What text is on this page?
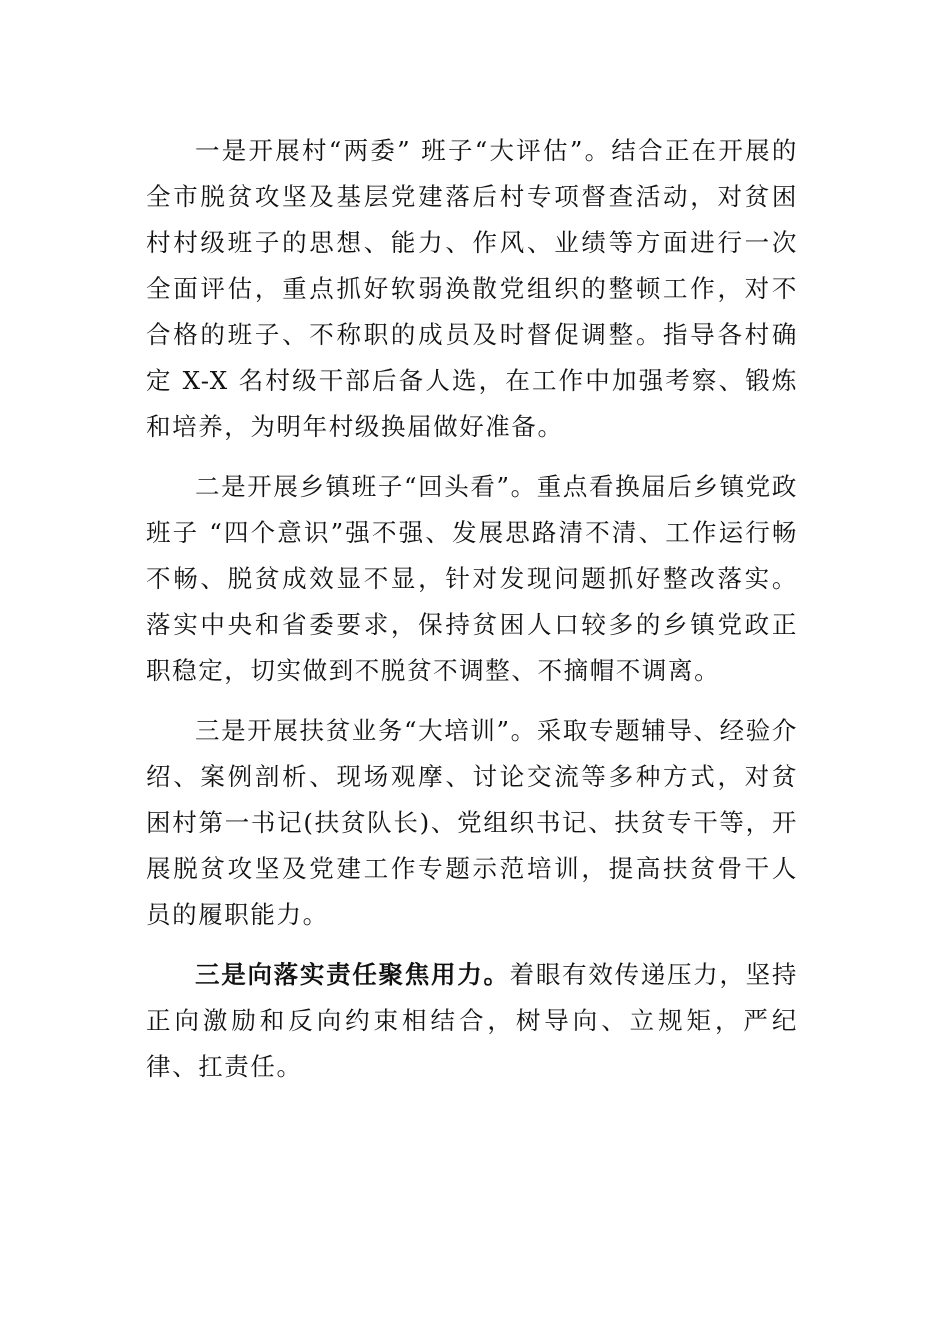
一是开展村“两委” 班子“大评估”。结合正在开展的全市脱贫攻坚及基层党建落后村专项督查活动，对贫困村村级班子的思想、能力、作风、业绩等方面进行一次全面评估，重点抓好软弱涣散党组织的整顿工作，对不合格的班子、不称职的成员及时督促调整。指导各村确定 X-X 名村级干部后备人选，在工作中加强考察、锻炼和培养，为明年村级换届做好准备。

二是开展乡镇班子“回头看”。重点看换届后乡镇党政班子 “四个意识”强不强、发展思路清不清、工作运行畅不畅、脱贫成效显不显，针对发现问题抓好整改落实。落实中央和省委要求，保持贫困人口较多的乡镇党政正职稳定，切实做到不脱贫不调整、不摘帽不调离。

三是开展扶贫业务“大培训”。采取专题辅导、经验介绍、案例剖析、现场观摩、讨论交流等多种方式，对贫困村第一书记(扶贫队长)、党组织书记、扶贫专干等，开展脱贫攻坚及党建工作专题示范培训，提高扶贫骨干人员的履职能力。

三是向落实责任聚焦用力。着眼有效传递压力，坚持正向激励和反向约束相结合，树导向、立规矩，严纪律、扛责任。
